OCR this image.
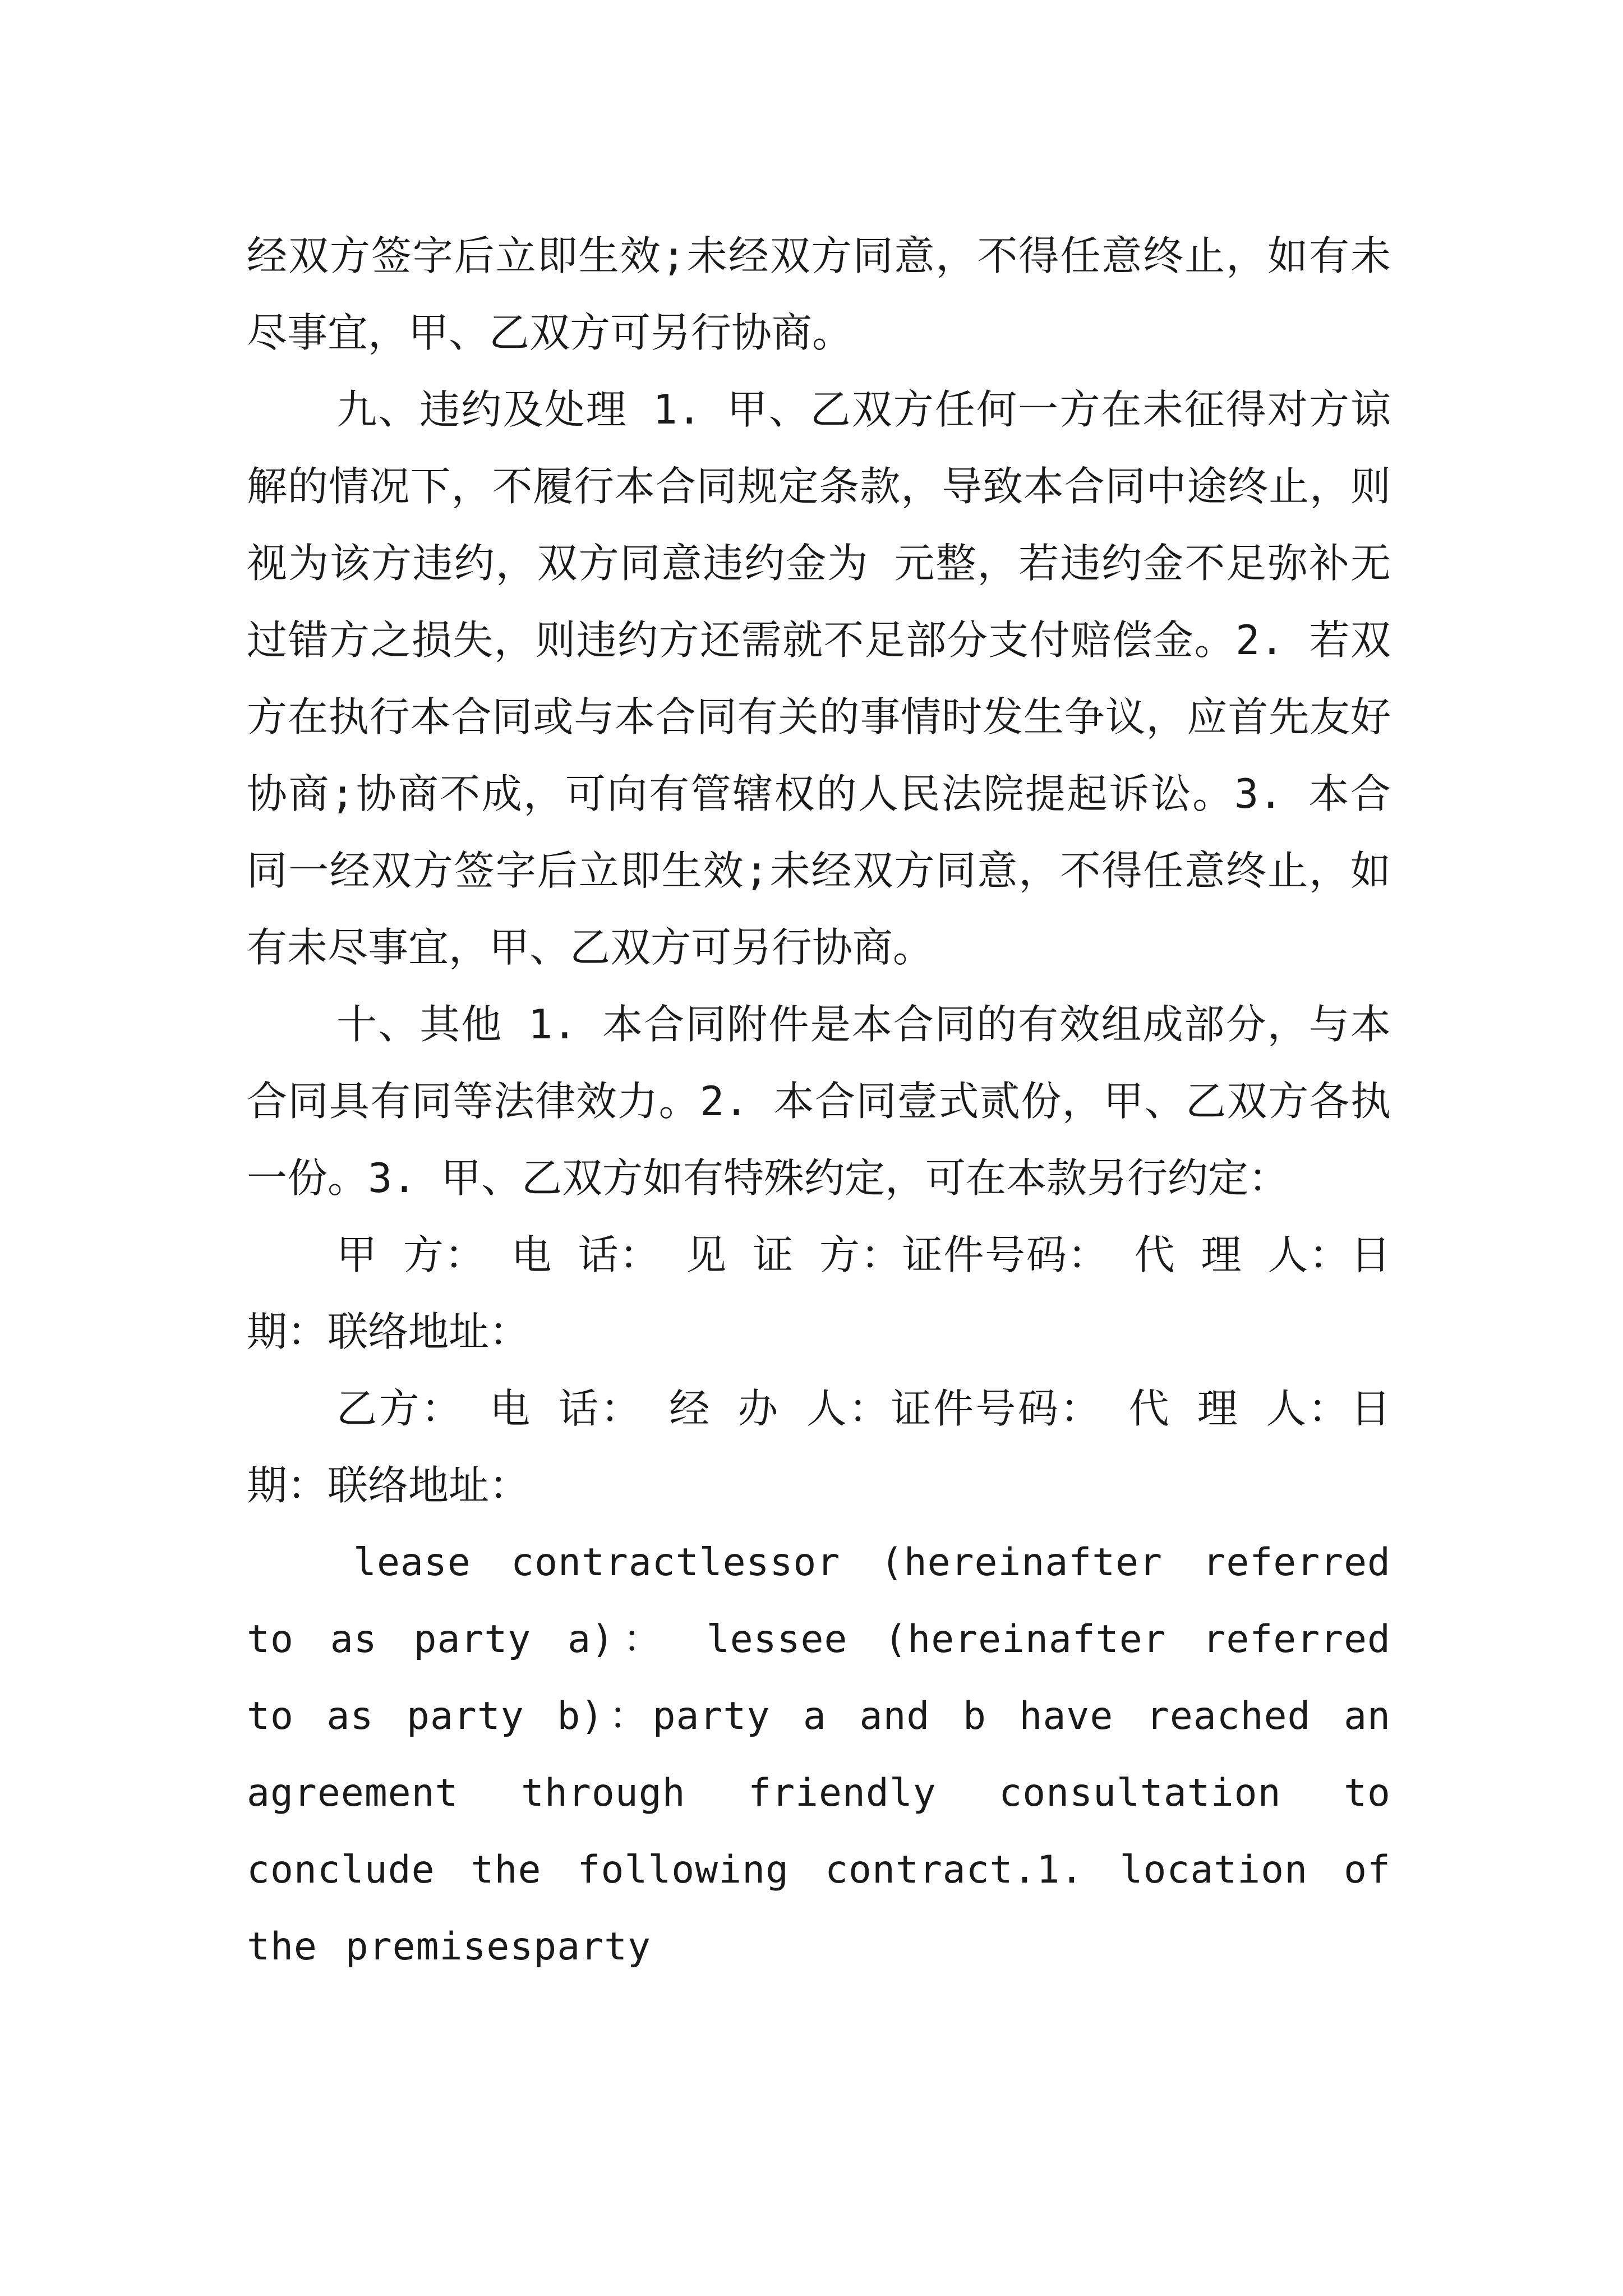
经双方签字后立即生效;未经双方同意，不得任意终止，如有未尽事宜，甲、乙双方可另行协商。

九、违约及处理 1. 甲、乙双方任何一方在未征得对方谅解的情况下，不履行本合同规定条款，导致本合同中途终止，则视为该方违约，双方同意违约金为 元整，若违约金不足弥补无过错方之损失，则违约方还需就不足部分支付赔偿金。2. 若双方在执行本合同或与本合同有关的事情时发生争议，应首先友好协商;协商不成，可向有管辖权的人民法院提起诉讼。3. 本合同一经双方签字后立即生效;未经双方同意，不得任意终止，如有未尽事宜，甲、乙双方可另行协商。

十、其他 1. 本合同附件是本合同的有效组成部分，与本合同具有同等法律效力。2. 本合同壹式贰份，甲、乙双方各执一份。3. 甲、乙双方如有特殊约定，可在本款另行约定：

甲 方： 电 话： 见 证 方：证件号码： 代 理 人：日 期：联络地址：

乙方： 电 话： 经 办 人：证件号码： 代 理 人：日 期：联络地址：

lease contractlessor (hereinafter referred to as party a)： lessee (hereinafter referred to as party b)：party a and b have reached an agreement through friendly consultation to conclude the following contract.1. location of the premisesparty
